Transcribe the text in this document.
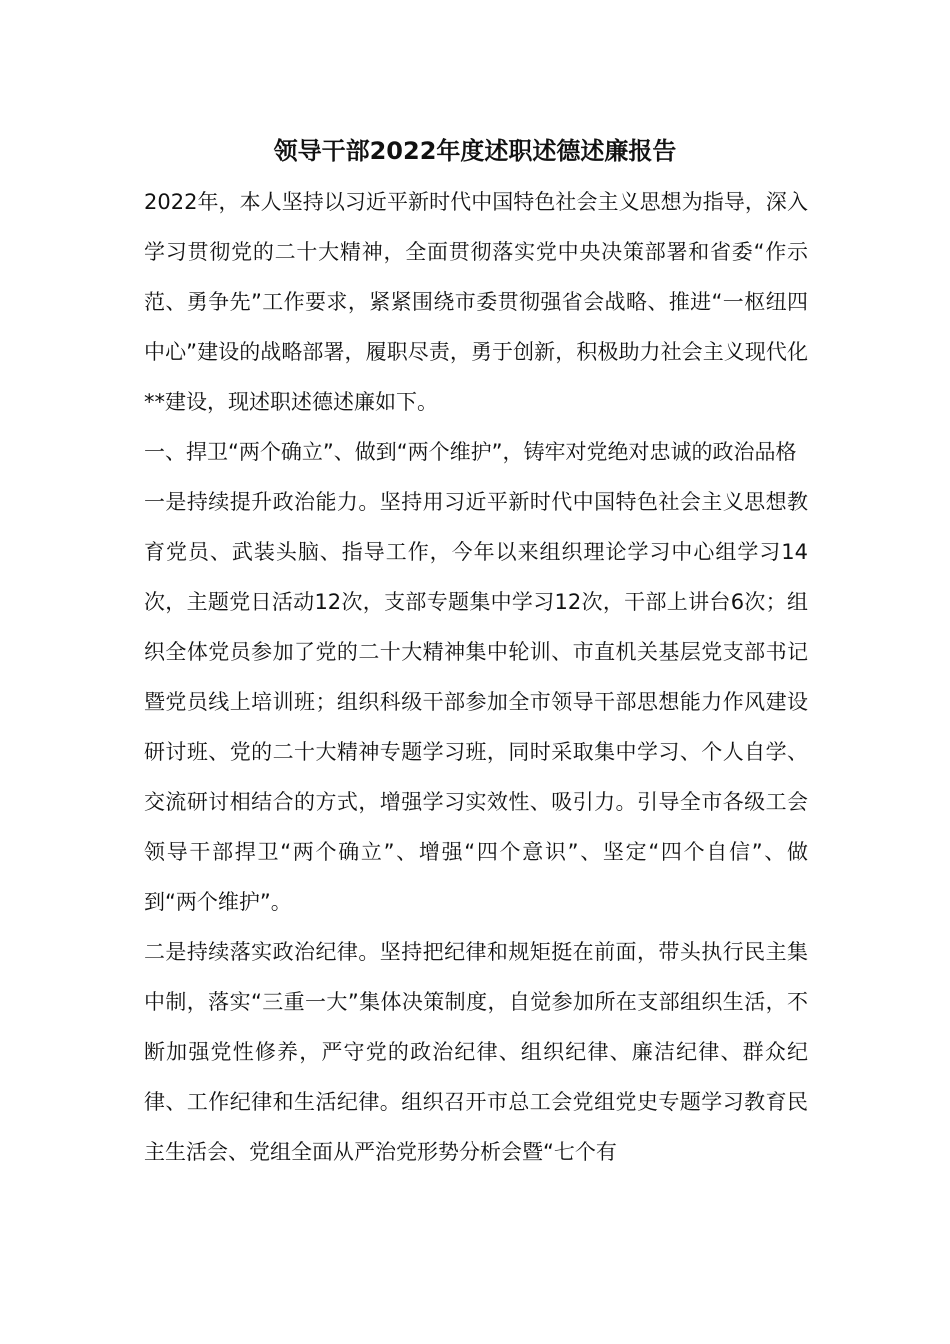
领导干部2022年度述职述德述廉报告

2022年，本人坚持以习近平新时代中国特色社会主义思想为指导，深入学习贯彻党的二十大精神，全面贯彻落实党中央决策部署和省委“作示范、勇争先”工作要求，紧紧围绕市委贯彻强省会战略、推进“一枢纽四中心”建设的战略部署，履职尽责，勇于创新，积极助力社会主义现代化**建设，现述职述德述廉如下。

一、捍卫“两个确立”、做到“两个维护”，铸牢对党绝对忠诚的政治品格

一是持续提升政治能力。坚持用习近平新时代中国特色社会主义思想教育党员、武装头脑、指导工作，今年以来组织理论学习中心组学习14次，主题党日活动12次，支部专题集中学习12次，干部上讲台6次；组织全体党员参加了党的二十大精神集中轮训、市直机关基层党支部书记暨党员线上培训班；组织科级干部参加全市领导干部思想能力作风建设研讨班、党的二十大精神专题学习班，同时采取集中学习、个人自学、交流研讨相结合的方式，增强学习实效性、吸引力。引导全市各级工会领导干部捍卫“两个确立”、增强“四个意识”、坚定“四个自信”、做到“两个维护”。

二是持续落实政治纪律。坚持把纪律和规矩挺在前面，带头执行民主集中制，落实“三重一大”集体决策制度，自觉参加所在支部组织生活，不断加强党性修养，严守党的政治纪律、组织纪律、廉洁纪律、群众纪律、工作纪律和生活纪律。组织召开市总工会党组党史专题学习教育民主生活会、党组全面从严治党形势分析会暨“七个有
